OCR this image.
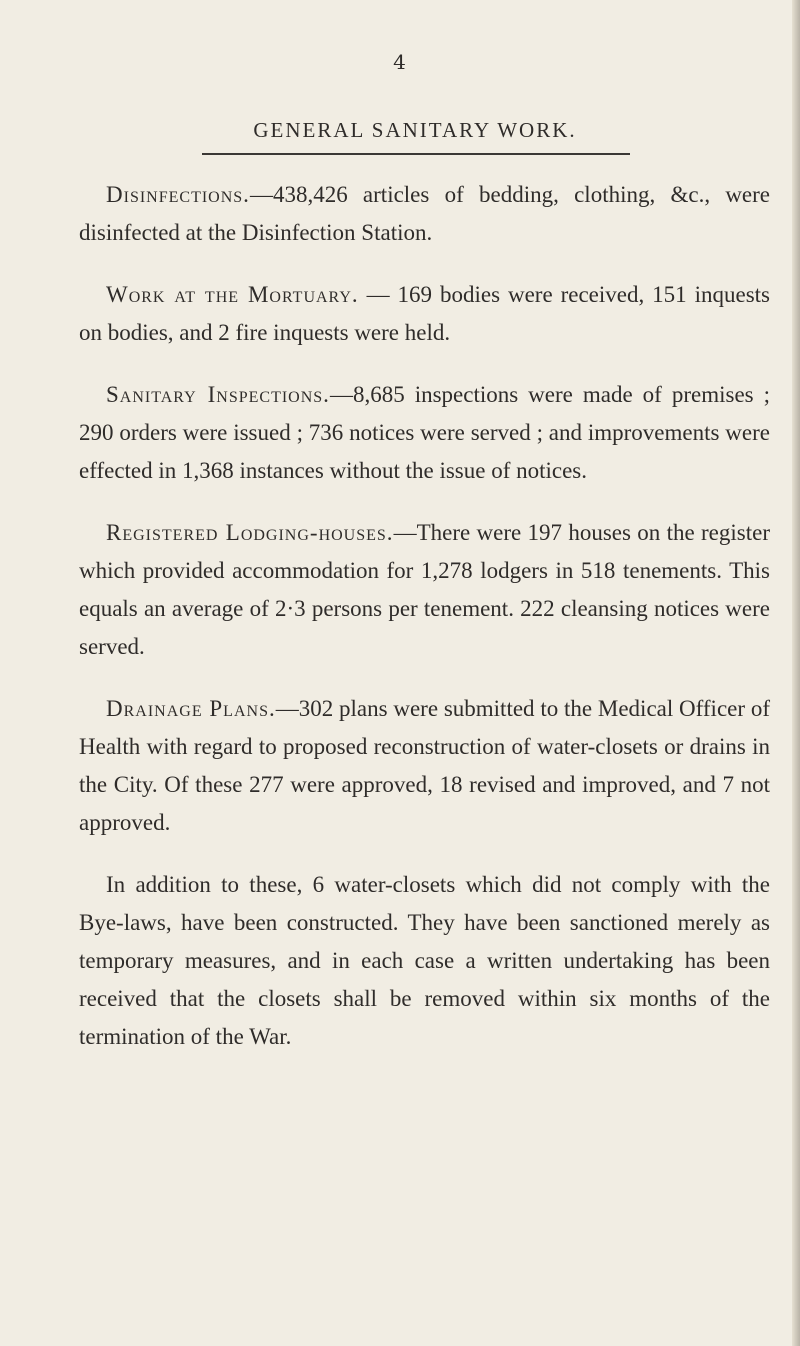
4
GENERAL SANITARY WORK.

Disinfections.—438,426 articles of bedding, clothing, &c., were disinfected at the Disinfection Station.

Work at the Mortuary. — 169 bodies were received, 151 inquests on bodies, and 2 fire inquests were held.

Sanitary Inspections.—8,685 inspections were made of premises ; 290 orders were issued ; 736 notices were served ; and improvements were effected in 1,368 instances without the issue of notices.

Registered Lodging-houses.—There were 197 houses on the register which provided accommodation for 1,278 lodgers in 518 tenements. This equals an average of 2·3 persons per tenement. 222 cleansing notices were served.

Drainage Plans.—302 plans were submitted to the Medical Officer of Health with regard to proposed reconstruction of water-closets or drains in the City. Of these 277 were approved, 18 revised and improved, and 7 not approved.

In addition to these, 6 water-closets which did not comply with the Bye-laws, have been constructed. They have been sanctioned merely as temporary measures, and in each case a written undertaking has been received that the closets shall be removed within six months of the termination of the War.
